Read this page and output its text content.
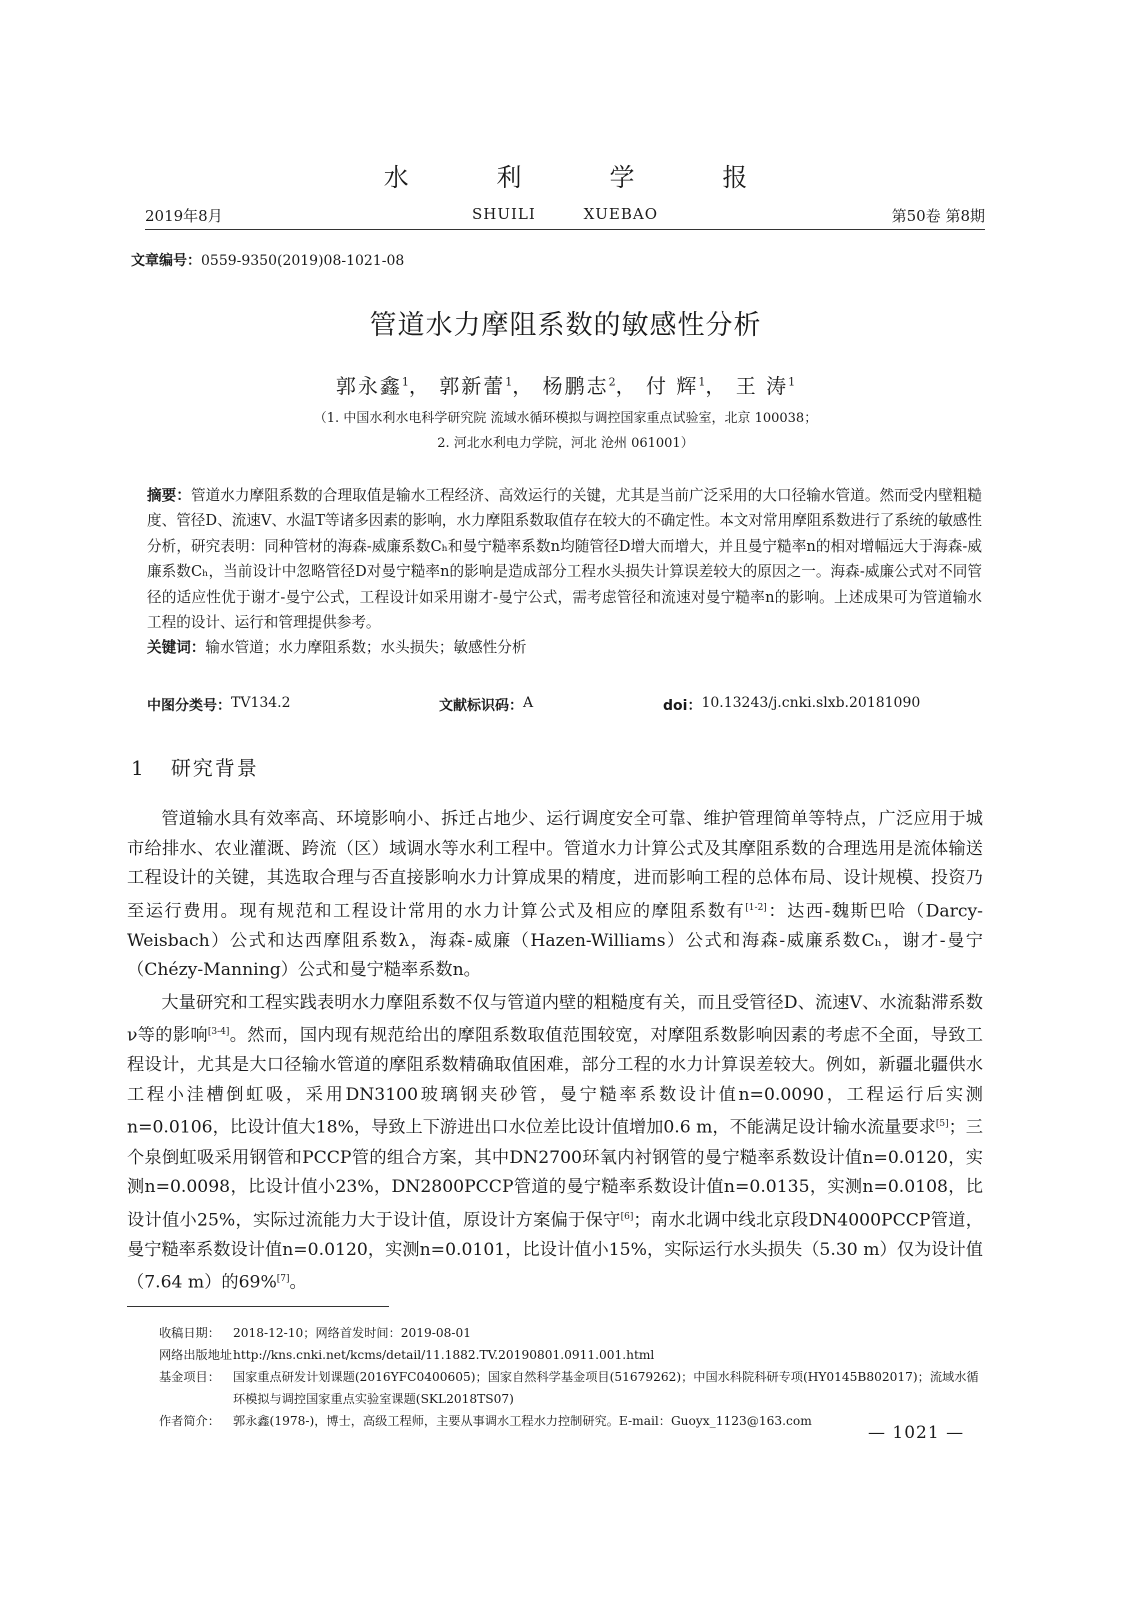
水 利 学 报
2019年8月	SHUILI XUEBAO	第50卷 第8期
文章编号：0559-9350(2019)08-1021-08
管道水力摩阻系数的敏感性分析
郭永鑫$^1$， 郭新蕾$^1$， 杨鹏志$^2$， 付 辉$^1$， 王 涛$^1$
（1. 中国水利水电科学研究院 流域水循环模拟与调控国家重点试验室，北京 100038；
2. 河北水利电力学院，河北 沧州 061001）
摘要：管道水力摩阻系数的合理取值是输水工程经济、高效运行的关键，尤其是当前广泛采用的大口径输水管道。然而受内壁粗糙度、管径D、流速V、水温T等诸多因素的影响，水力摩阻系数取值存在较大的不确定性。本文对常用摩阻系数进行了系统的敏感性分析，研究表明：同种管材的海森-威廉系数Cₕ和曼宁糙率系数n均随管径D增大而增大，并且曼宁糙率n的相对增幅远大于海森-威廉系数Cₕ，当前设计中忽略管径D对曼宁糙率n的影响是造成部分工程水头损失计算误差较大的原因之一。海森-威廉公式对不同管径的适应性优于谢才-曼宁公式，工程设计如采用谢才-曼宁公式，需考虑管径和流速对曼宁糙率n的影响。上述成果可为管道输水工程的设计、运行和管理提供参考。
关键词：输水管道；水力摩阻系数；水头损失；敏感性分析
中图分类号： TV134.2	文献标识码： A	doi： 10.13243/j.cnki.slxb.20181090
1 研究背景

管道输水具有效率高、环境影响小、拆迁占地少、运行调度安全可靠、维护管理简单等特点，广泛应用于城市给排水、农业灌溉、跨流（区）域调水等水利工程中。管道水力计算公式及其摩阻系数的合理选用是流体输送工程设计的关键，其选取合理与否直接影响水力计算成果的精度，进而影响工程的总体布局、设计规模、投资乃至运行费用。现有规范和工程设计常用的水力计算公式及相应的摩阻系数有[1-2]：达西-魏斯巴哈（Darcy-Weisbach）公式和达西摩阻系数λ，海森-威廉（Hazen-Williams）公式和海森-威廉系数Cₕ，谢才-曼宁（Chézy-Manning）公式和曼宁糙率系数n。

大量研究和工程实践表明水力摩阻系数不仅与管道内壁的粗糙度有关，而且受管径D、流速V、水流黏滞系数ν等的影响[3-4]。然而，国内现有规范给出的摩阻系数取值范围较宽，对摩阻系数影响因素的考虑不全面，导致工程设计，尤其是大口径输水管道的摩阻系数精确取值困难，部分工程的水力计算误差较大。例如，新疆北疆供水工程小洼槽倒虹吸，采用DN3100玻璃钢夹砂管，曼宁糙率系数设计值n=0.0090，工程运行后实测n=0.0106，比设计值大18%，导致上下游进出口水位差比设计值增加0.6 m，不能满足设计输水流量要求[5]；三个泉倒虹吸采用钢管和PCCP管的组合方案，其中DN2700环氧内衬钢管的曼宁糙率系数设计值n=0.0120，实测n=0.0098，比设计值小23%，DN2800PCCP管道的曼宁糙率系数设计值n=0.0135，实测n=0.0108，比设计值小25%，实际过流能力大于设计值，原设计方案偏于保守[6]；南水北调中线北京段DN4000PCCP管道，曼宁糙率系数设计值n=0.0120，实测n=0.0101，比设计值小15%，实际运行水头损失（5.30 m）仅为设计值（7.64 m）的69%[7]。

收稿日期： 2018-12-10；网络首发时间：2019-08-01
网络出版地址：
http://kns.cnki.net/kcms/detail/11.1882.TV.20190801.0911.001.html
基金项目： 国家重点研发计划课题(2016YFC0400605)；国家自然科学基金项目(51679262)；中国水科院科研专项(HY0145B802017)；流域水循环模拟与调控国家重点实验室课题(SKL2018TS07)
作者简介： 郭永鑫(1978-)，博士，高级工程师，主要从事调水工程水力控制研究。E-mail：Guoyx_1123@163.com
— 1021 —
